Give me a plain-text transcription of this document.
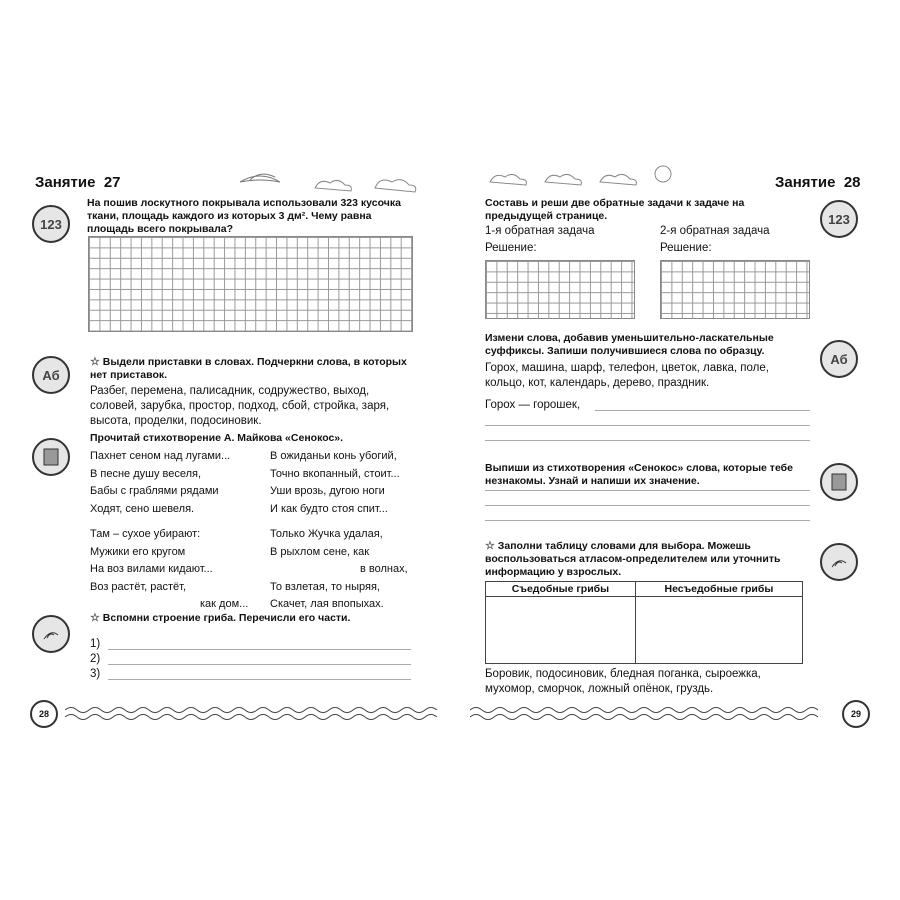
Занятие 27
123
На пошив лоскутного покрывала использовали 323 кусочка ткани, площадь каждого из которых 3 дм². Чему равна площадь всего покрывала?
Аб
☆ Выдели приставки в словах. Подчеркни слова, в которых нет приставок.
Разбег, перемена, палисадник, содружество, выход, соловей, зарубка, простор, подход, сбой, стройка, заря, высота, проделки, подосиновик.
Прочитай стихотворение А. Майкова «Сенокос».
Пахнет сеном над лугами...
В песне душу веселя,
Бабы с граблями рядами
Ходят, сено шевеля.
Там – сухое убирают:
Мужики его кругом
На воз вилами кидают...
Воз растёт, растёт,
как дом...
В ожиданьи конь убогий,
Точно вкопанный, стоит...
Уши врозь, дугою ноги
И как будто стоя спит...
Только Жучка удалая,
В рыхлом сене, как
в волнах,
То взлетая, то ныряя,
Скачет, лая впопыхах.
☆ Вспомни строение гриба. Перечисли его части.
1)
2)
3)
28
Занятие 28
Составь и реши две обратные задачи к задаче на предыдущей странице.	123
1-я обратная задача	2-я обратная задача
Решение:	Решение:
Измени слова, добавив уменьшительно-ласкательные суффиксы. Запиши получившиеся слова по образцу.
Аб
Горох, машина, шарф, телефон, цветок, лавка, поле, кольцо, кот, календарь, дерево, праздник.
Горох — горошек,
Выпиши из стихотворения «Сенокос» слова, которые тебе незнакомы. Узнай и напиши их значение.
☆ Заполни таблицу словами для выбора. Можешь воспользоваться атласом-определителем или уточнить информацию у взрослых.
Съедобные грибы	Несъедобные грибы

Боровик, подосиновик, бледная поганка, сыроежка, мухомор, сморчок, ложный опёнок, груздь.
29
